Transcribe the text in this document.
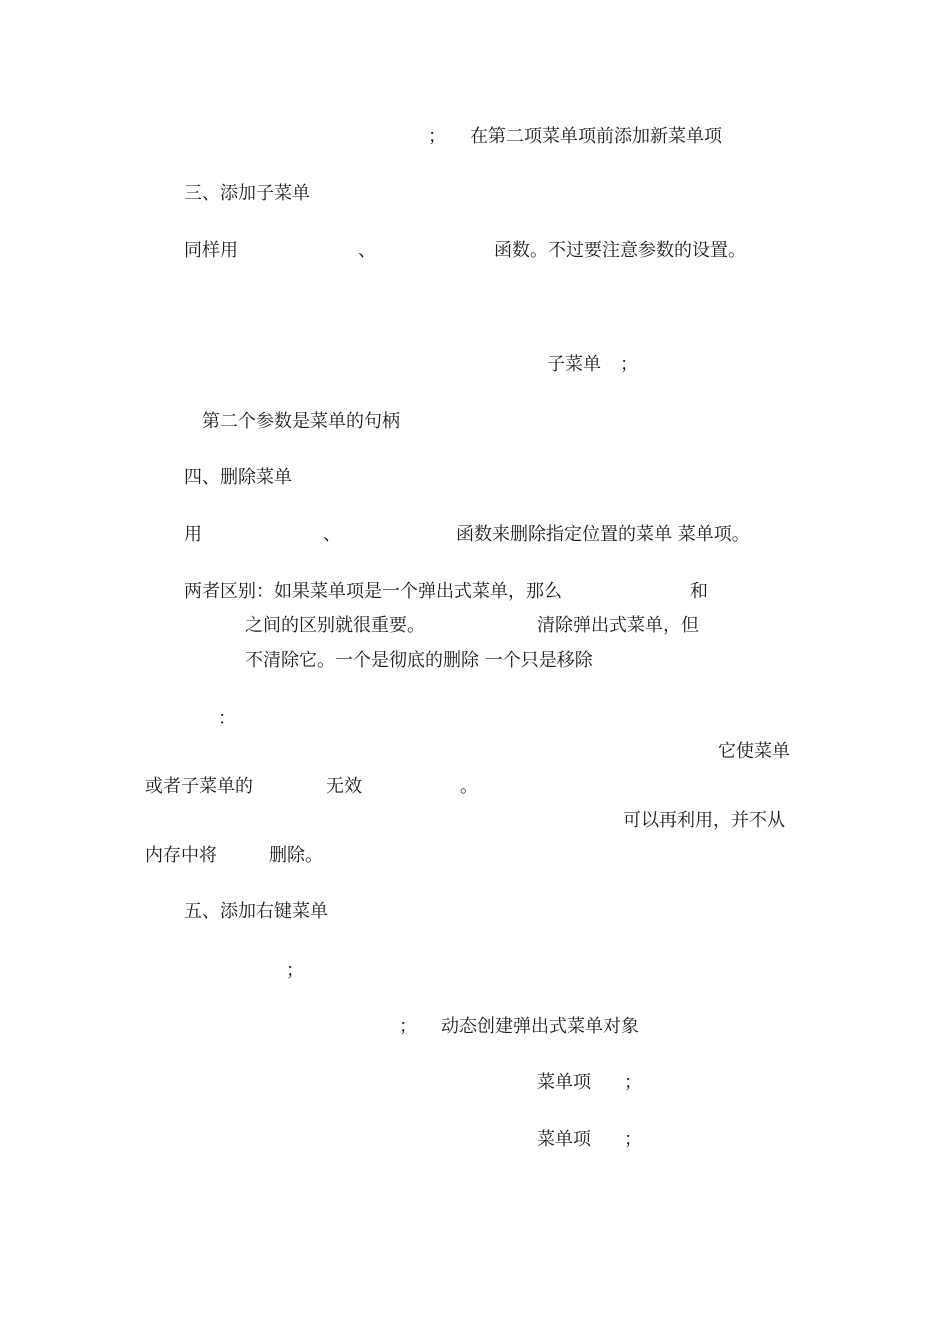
； 在第二项菜单项前添加新菜单项
三、添加子菜单
同样用	、	函数。不过要注意参数的设置。
子菜单 ；
第二个参数是菜单的句柄
四、删除菜单
用	、	函数来删除指定位置的菜单 菜单项。
两者区别：如果菜单项是一个弹出式菜单，那么	和
之间的区别就很重要。	清除弹出式菜单，但
不清除它。一个是彻底的删除 一个只是移除
：
它使菜单
或者子菜单的	无效	。
可以再利用，并不从
内存中将	删除。
五、添加右键菜单
；
； 动态创建弹出式菜单对象
菜单项 ；
菜单项 ；
